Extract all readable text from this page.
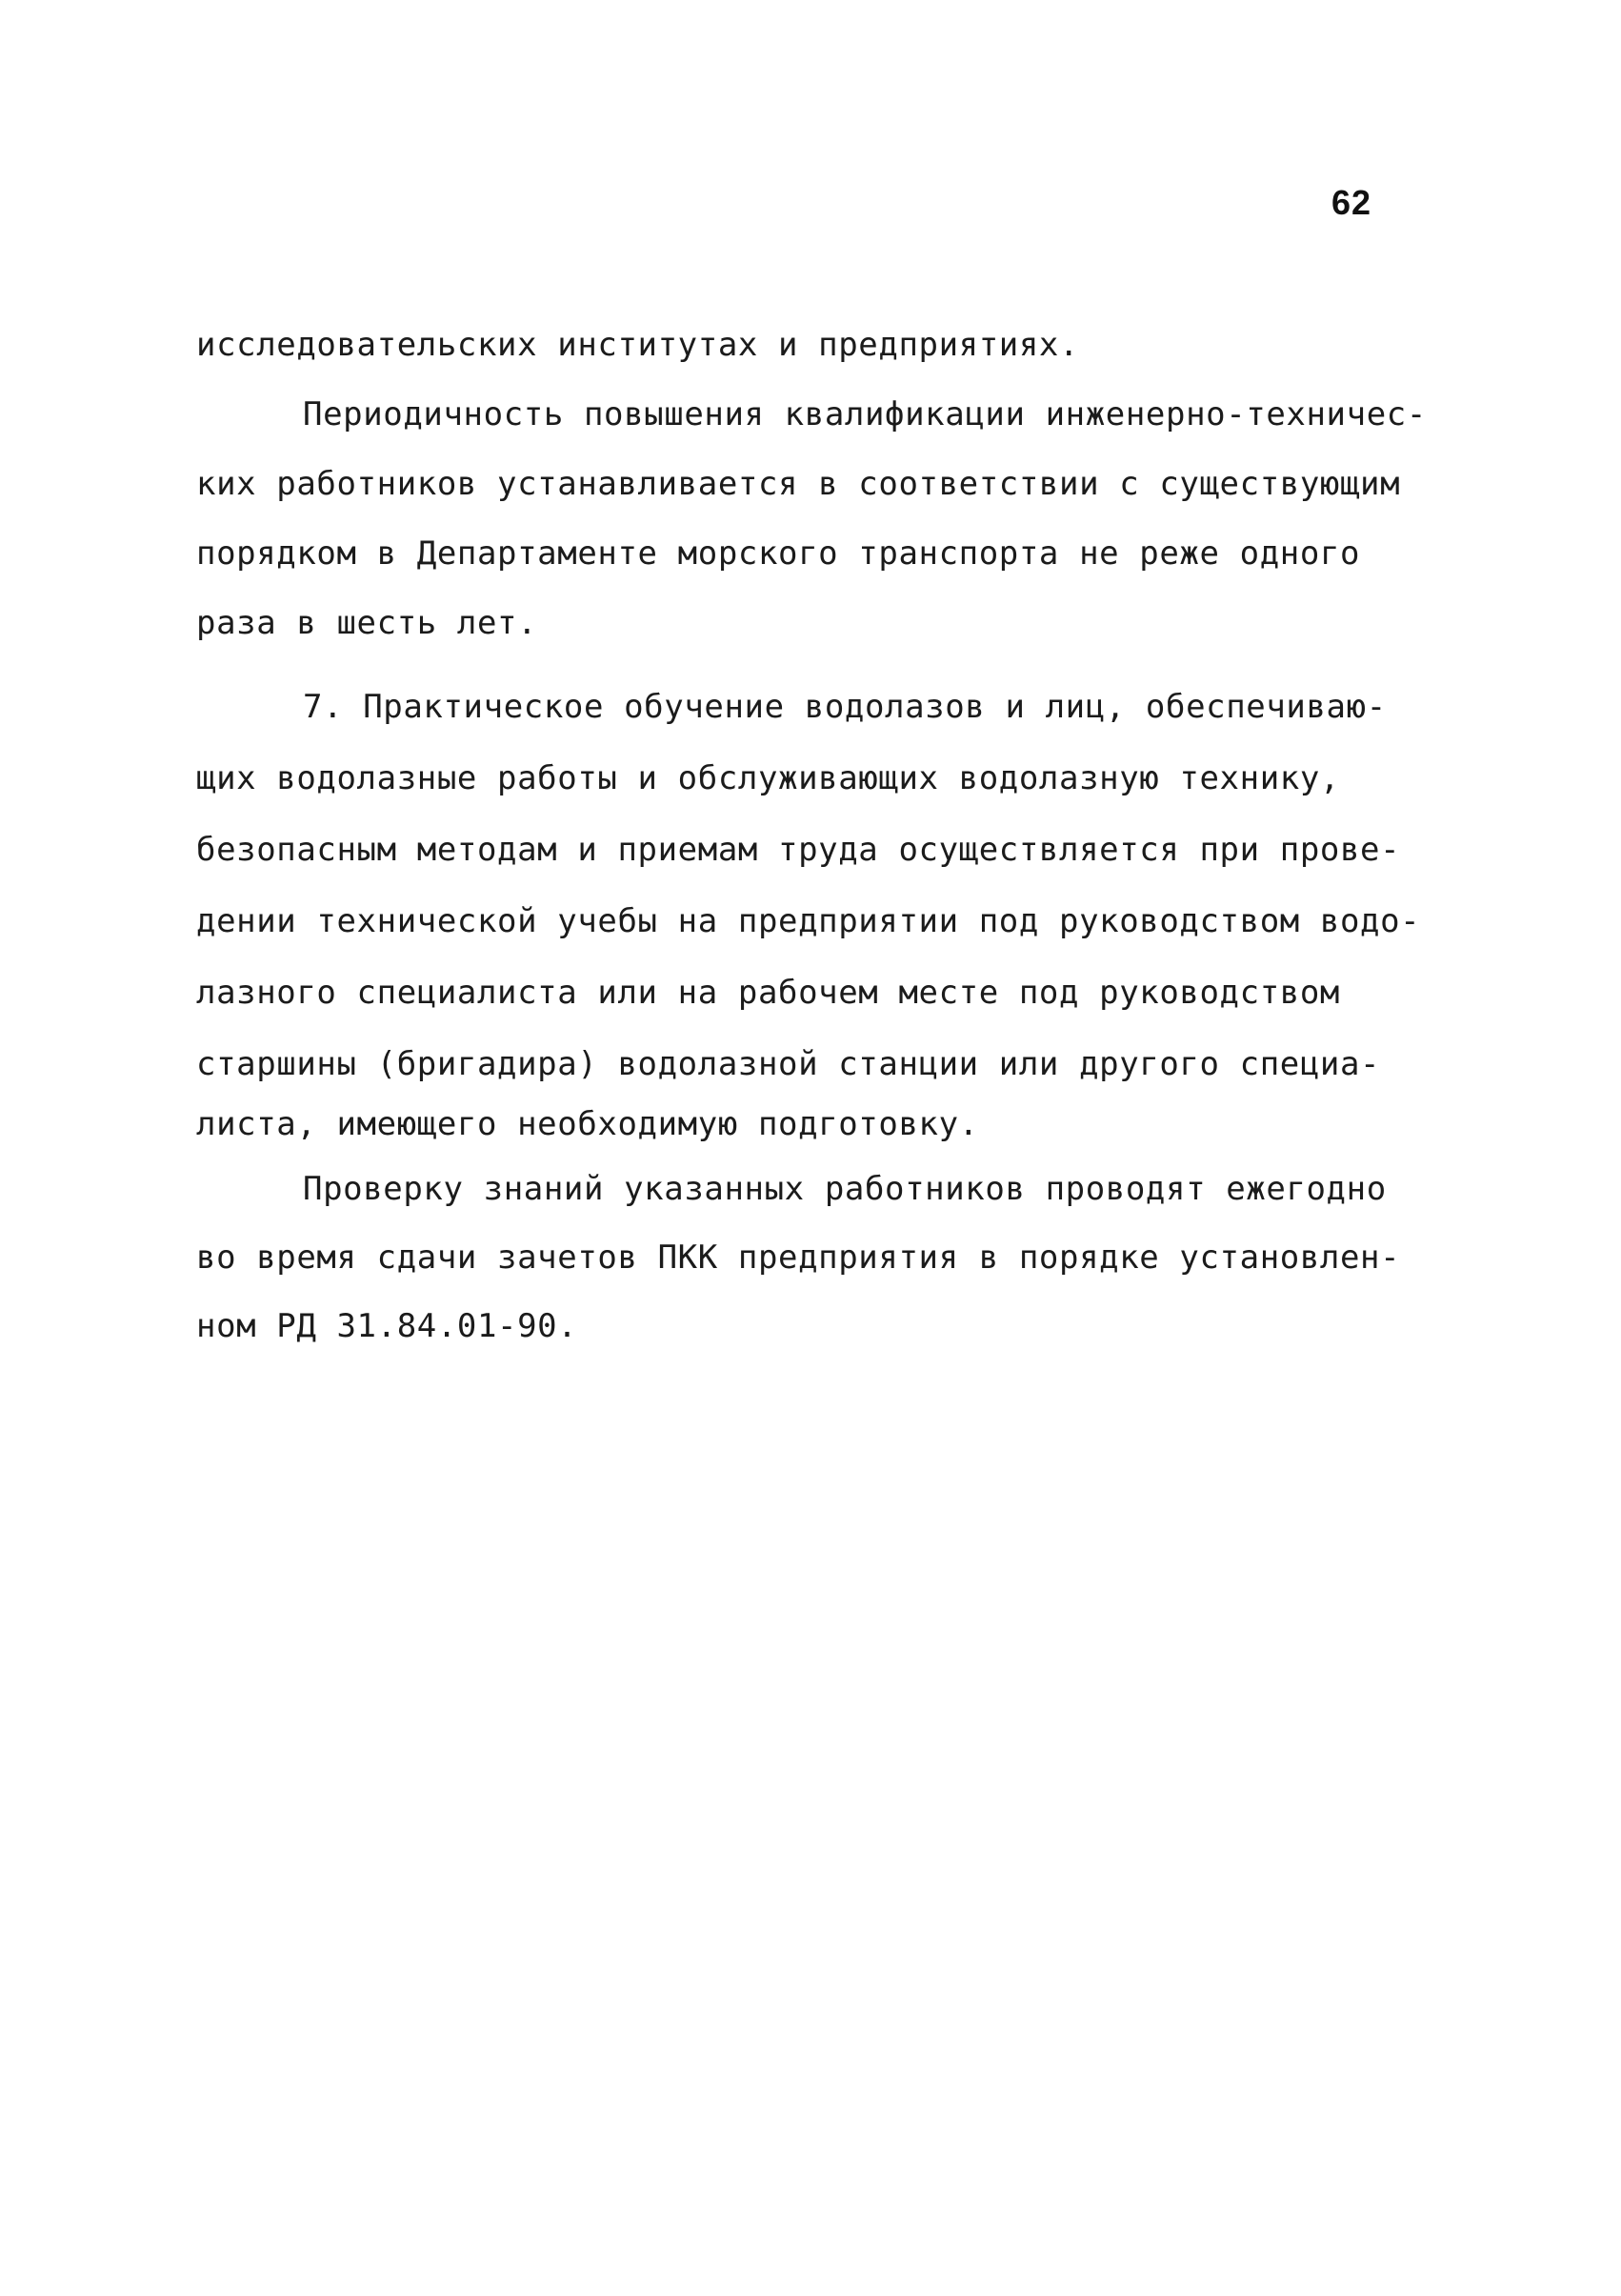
62
исследовательских институтах и предприятиях.
Периодичность повышения квалификации инженерно-техничес-
ких работников устанавливается в соответствии с существующим
порядком в Департаменте морского транспорта не реже одного
раза в шесть лет.
7. Практическое обучение водолазов и лиц, обеспечиваю-
щих водолазные работы и обслуживающих водолазную технику,
безопасным методам и приемам труда осуществляется при прове-
дении технической учебы на предприятии под руководством водо-
лазного специалиста или на рабочем месте под руководством
старшины (бригадира) водолазной станции или другого специа-
листа, имеющего необходимую подготовку.
Проверку знаний указанных работников проводят ежегодно
во время сдачи зачетов ПКК предприятия в порядке установлен-
ном РД 31.84.01-90.
